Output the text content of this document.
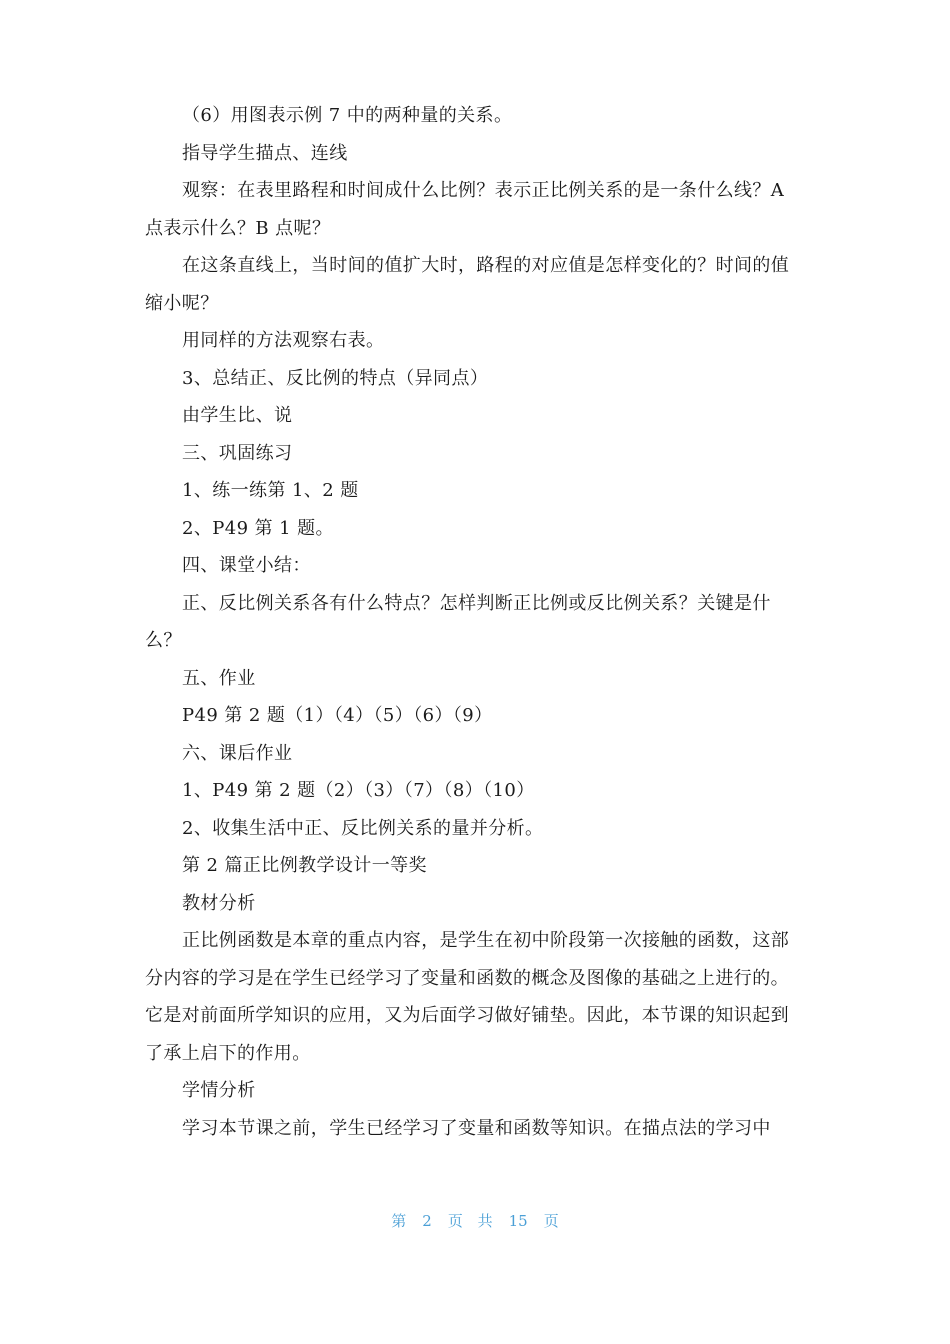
（6）用图表示例 7 中的两种量的关系。

指导学生描点、连线

观察：在表里路程和时间成什么比例？表示正比例关系的是一条什么线？A 点表示什么？B 点呢？

在这条直线上，当时间的值扩大时，路程的对应值是怎样变化的？时间的值缩小呢？

用同样的方法观察右表。

3、总结正、反比例的特点（异同点）

由学生比、说

三、巩固练习

1、练一练第 1、2 题

2、P49 第 1 题。

四、课堂小结：

正、反比例关系各有什么特点？怎样判断正比例或反比例关系？关键是什么？

五、作业

P49 第 2 题（1）（4）（5）（6）（9）

六、课后作业

1、P49 第 2 题（2）（3）（7）（8）（10）

2、收集生活中正、反比例关系的量并分析。

第 2 篇正比例教学设计一等奖

教材分析

正比例函数是本章的重点内容，是学生在初中阶段第一次接触的函数，这部分内容的学习是在学生已经学习了变量和函数的概念及图像的基础之上进行的。它是对前面所学知识的应用，又为后面学习做好铺垫。因此，本节课的知识起到了承上启下的作用。

学情分析

学习本节课之前，学生已经学习了变量和函数等知识。在描点法的学习中

第 2 页 共 15 页
